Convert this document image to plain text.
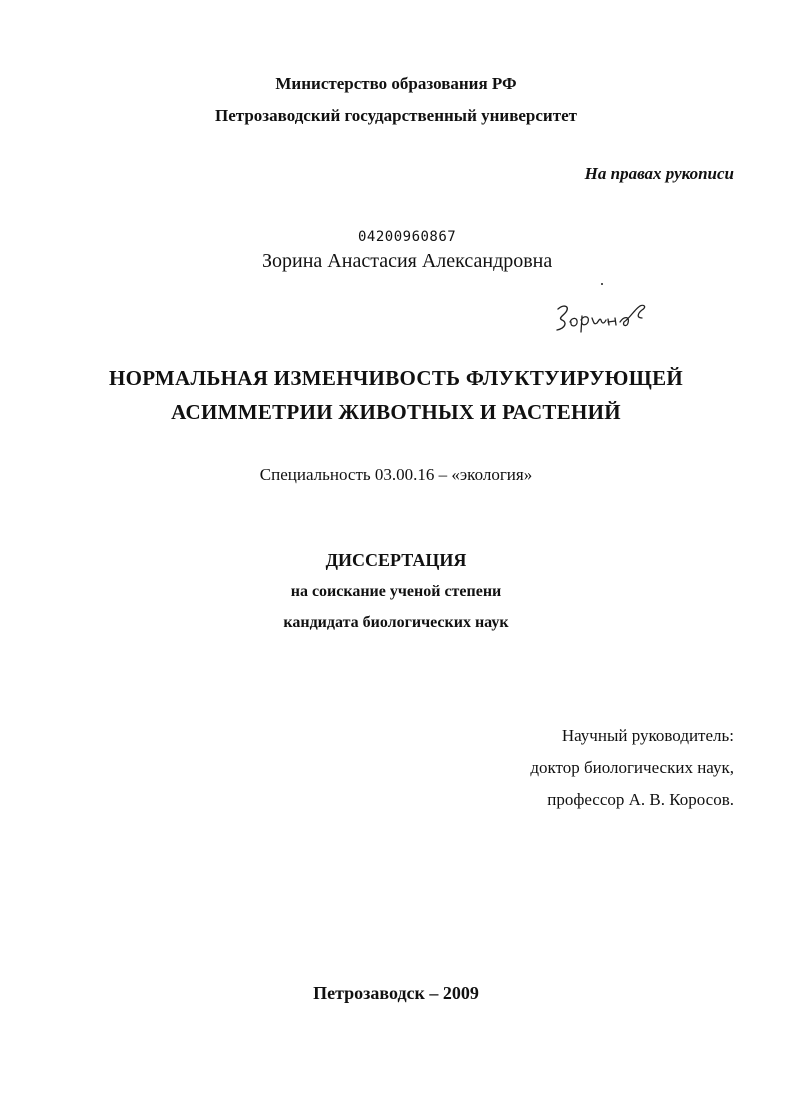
Министерство образования РФ
Петрозаводский государственный университет
На правах рукописи
04200960867
Зорина Анастасия Александровна
НОРМАЛЬНАЯ ИЗМЕНЧИВОСТЬ ФЛУКТУИРУЮЩЕЙ
АСИММЕТРИИ ЖИВОТНЫХ И РАСТЕНИЙ
Специальность 03.00.16 – «экология»
ДИССЕРТАЦИЯ
на соискание ученой степени
кандидата биологических наук
Научный руководитель:
доктор биологических наук,
профессор А. В. Коросов.
Петрозаводск – 2009
